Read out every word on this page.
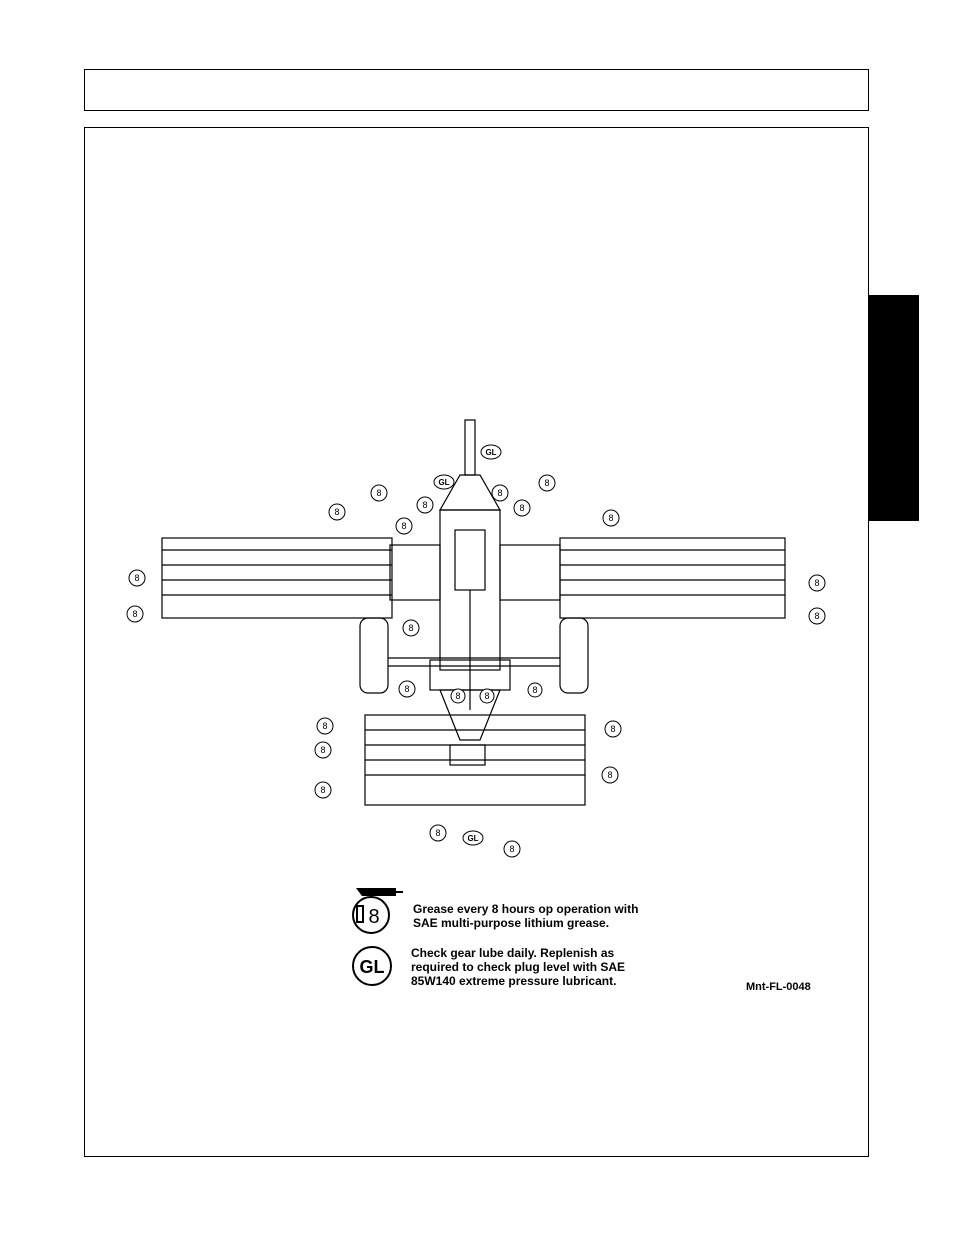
8
8
8
8
8
8
8
8
8
8
8
8
8
8
8	8
8
8
8
8
8
8
8
8
GL
GL
GL
8	Grease every 8 hours op operation with
SAE multi-purpose lithium grease.
GL
Check gear lube daily. Replenish as
required to check plug level with SAE
85W140 extreme pressure lubricant.	Mnt-FL-0048
